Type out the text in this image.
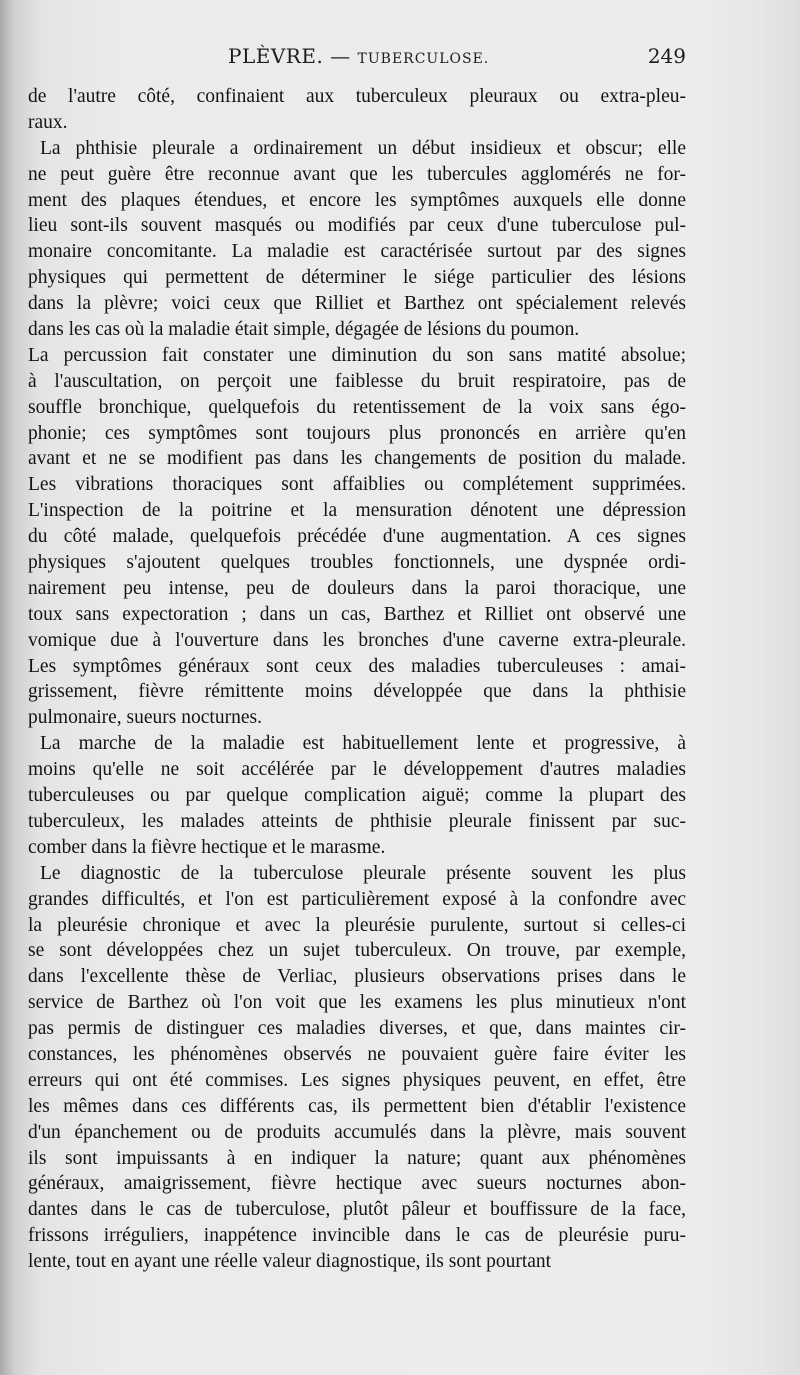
PLÈVRE. — TUBERCULOSE.	249
de l'autre côté, confinaient aux tuberculeux pleuraux ou extra-pleu-
raux.
La phthisie pleurale a ordinairement un début insidieux et obscur; elle
ne peut guère être reconnue avant que les tubercules agglomérés ne for-
ment des plaques étendues, et encore les symptômes auxquels elle donne
lieu sont-ils souvent masqués ou modifiés par ceux d'une tuberculose pul-
monaire concomitante. La maladie est caractérisée surtout par des signes
physiques qui permettent de déterminer le siége particulier des lésions
dans la plèvre; voici ceux que Rilliet et Barthez ont spécialement relevés
dans les cas où la maladie était simple, dégagée de lésions du poumon.
La percussion fait constater une diminution du son sans matité absolue;
à l'auscultation, on perçoit une faiblesse du bruit respiratoire, pas de
souffle bronchique, quelquefois du retentissement de la voix sans égo-
phonie; ces symptômes sont toujours plus prononcés en arrière qu'en
avant et ne se modifient pas dans les changements de position du malade.
Les vibrations thoraciques sont affaiblies ou complétement supprimées.
L'inspection de la poitrine et la mensuration dénotent une dépression
du côté malade, quelquefois précédée d'une augmentation. A ces signes
physiques s'ajoutent quelques troubles fonctionnels, une dyspnée ordi-
nairement peu intense, peu de douleurs dans la paroi thoracique, une
toux sans expectoration ; dans un cas, Barthez et Rilliet ont observé une
vomique due à l'ouverture dans les bronches d'une caverne extra-pleurale.
Les symptômes généraux sont ceux des maladies tuberculeuses : amai-
grissement, fièvre rémittente moins développée que dans la phthisie
pulmonaire, sueurs nocturnes.
La marche de la maladie est habituellement lente et progressive, à
moins qu'elle ne soit accélérée par le développement d'autres maladies
tuberculeuses ou par quelque complication aiguë; comme la plupart des
tuberculeux, les malades atteints de phthisie pleurale finissent par suc-
comber dans la fièvre hectique et le marasme.
Le diagnostic de la tuberculose pleurale présente souvent les plus
grandes difficultés, et l'on est particulièrement exposé à la confondre avec
la pleurésie chronique et avec la pleurésie purulente, surtout si celles-ci
se sont développées chez un sujet tuberculeux. On trouve, par exemple,
dans l'excellente thèse de Verliac, plusieurs observations prises dans le
service de Barthez où l'on voit que les examens les plus minutieux n'ont
pas permis de distinguer ces maladies diverses, et que, dans maintes cir-
constances, les phénomènes observés ne pouvaient guère faire éviter les
erreurs qui ont été commises. Les signes physiques peuvent, en effet, être
les mêmes dans ces différents cas, ils permettent bien d'établir l'existence
d'un épanchement ou de produits accumulés dans la plèvre, mais souvent
ils sont impuissants à en indiquer la nature; quant aux phénomènes
généraux, amaigrissement, fièvre hectique avec sueurs nocturnes abon-
dantes dans le cas de tuberculose, plutôt pâleur et bouffissure de la face,
frissons irréguliers, inappétence invincible dans le cas de pleurésie puru-
lente, tout en ayant une réelle valeur diagnostique, ils sont pourtant
